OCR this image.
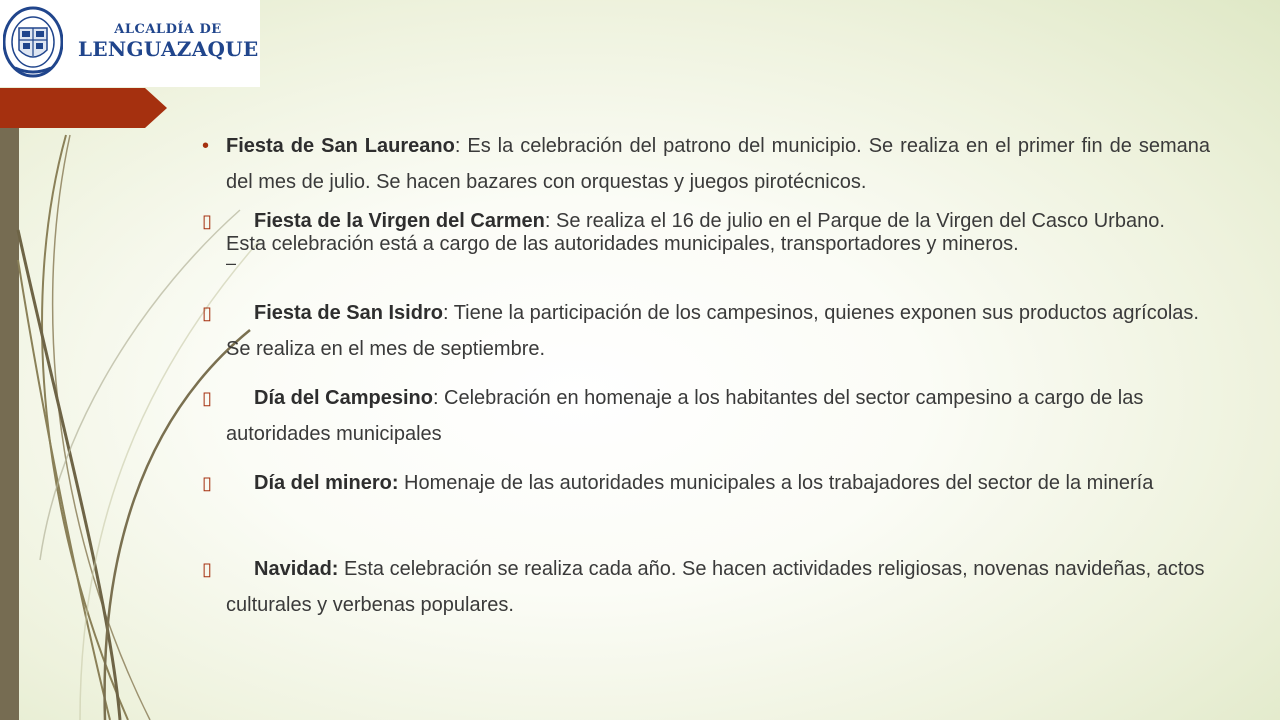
ALCALDÍA DE
LENGUAZAQUE
• Fiesta de San Laureano: Es la celebración del patrono del municipio. Se realiza en el primer fin de semana del mes de julio. Se hacen bazares con orquestas y juegos pirotécnicos.
▯	Fiesta de la Virgen del Carmen: Se realiza el 16 de julio en el Parque de la Virgen del Casco Urbano. Esta celebración está a cargo de las autoridades municipales, transportadores y mineros.
–
▯	Fiesta de San Isidro: Tiene la participación de los campesinos, quienes exponen sus productos agrícolas. Se realiza en el mes de septiembre.
▯	Día del Campesino: Celebración en homenaje a los habitantes del sector campesino a cargo de las autoridades municipales
▯	Día del minero: Homenaje de las autoridades municipales a los trabajadores del sector de la minería
▯	Navidad: Esta celebración se realiza cada año. Se hacen actividades religiosas, novenas navideñas, actos culturales y verbenas populares.
